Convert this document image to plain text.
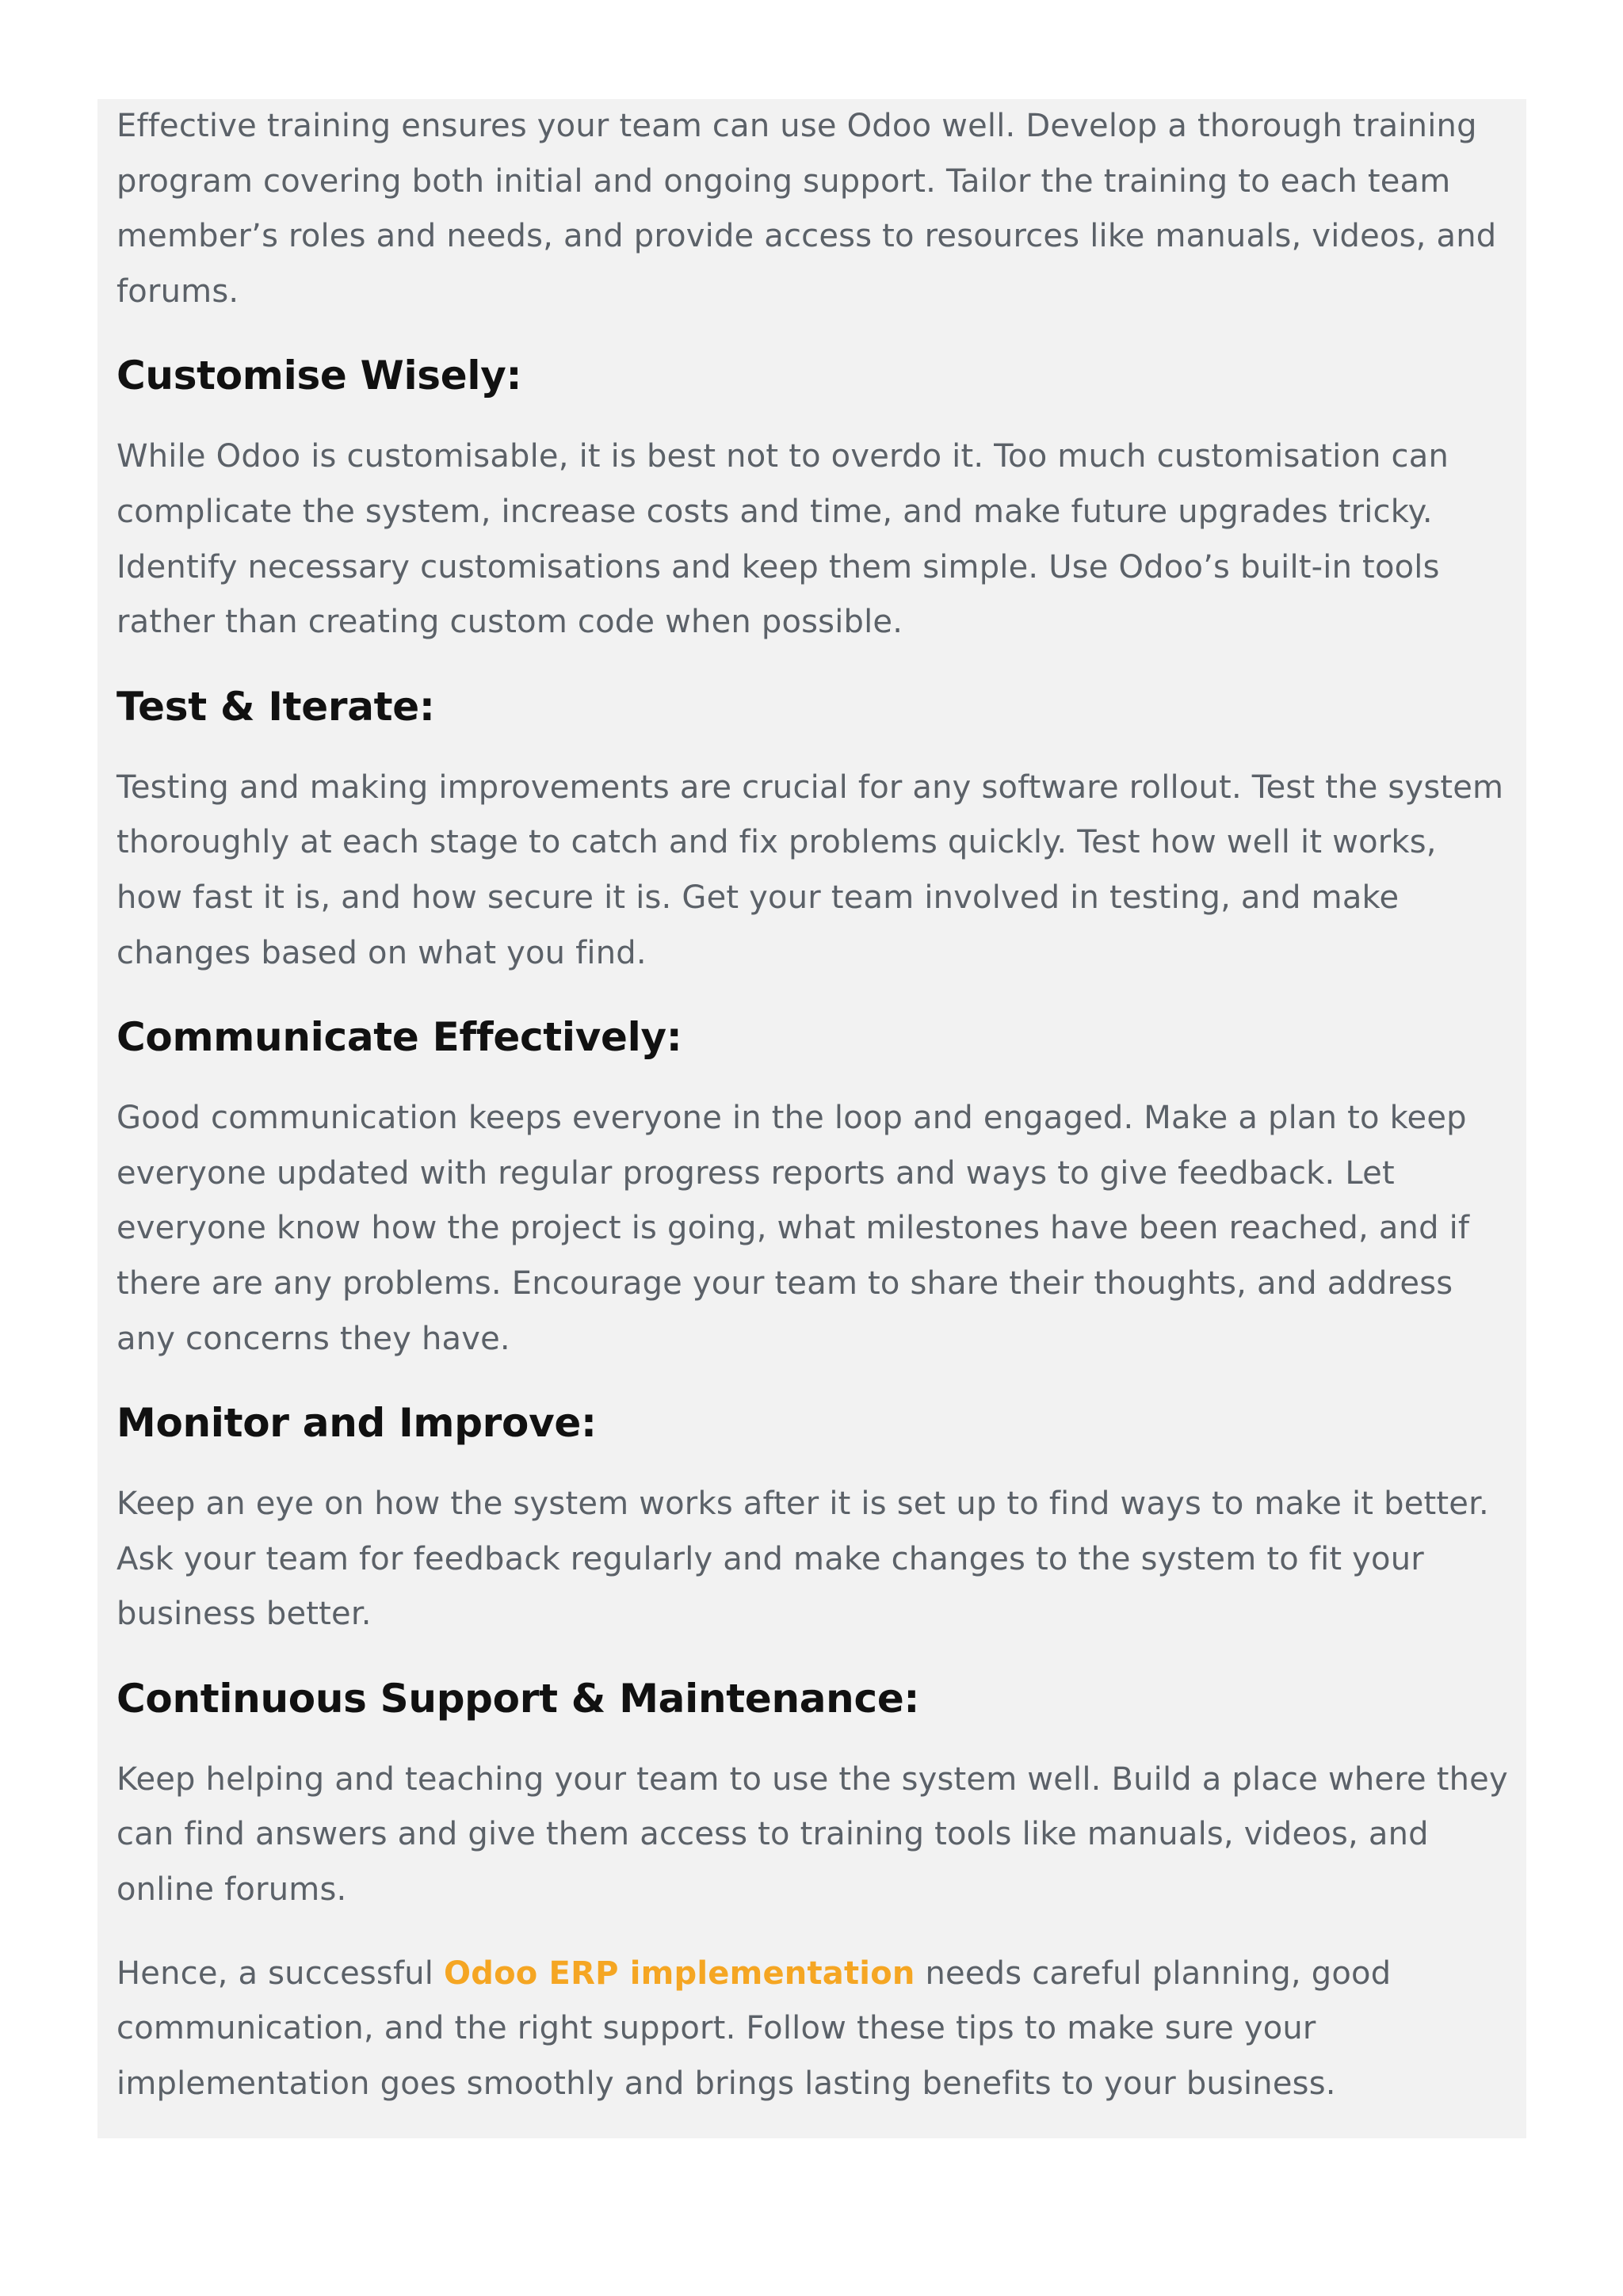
Effective training ensures your team can use Odoo well. Develop a thorough training program covering both initial and ongoing support. Tailor the training to each team member’s roles and needs, and provide access to resources like manuals, videos, and forums.

Customise Wisely:

While Odoo is customisable, it is best not to overdo it. Too much customisation can complicate the system, increase costs and time, and make future upgrades tricky. Identify necessary customisations and keep them simple. Use Odoo’s built-in tools rather than creating custom code when possible.

Test & Iterate:

Testing and making improvements are crucial for any software rollout. Test the system thoroughly at each stage to catch and fix problems quickly. Test how well it works, how fast it is, and how secure it is. Get your team involved in testing, and make changes based on what you find.

Communicate Effectively:

Good communication keeps everyone in the loop and engaged. Make a plan to keep everyone updated with regular progress reports and ways to give feedback. Let everyone know how the project is going, what milestones have been reached, and if there are any problems. Encourage your team to share their thoughts, and address any concerns they have.

Monitor and Improve:

Keep an eye on how the system works after it is set up to find ways to make it better. Ask your team for feedback regularly and make changes to the system to fit your business better.

Continuous Support & Maintenance:

Keep helping and teaching your team to use the system well. Build a place where they can find answers and give them access to training tools like manuals, videos, and online forums.

Hence, a successful Odoo ERP implementation needs careful planning, good communication, and the right support. Follow these tips to make sure your implementation goes smoothly and brings lasting benefits to your business.
